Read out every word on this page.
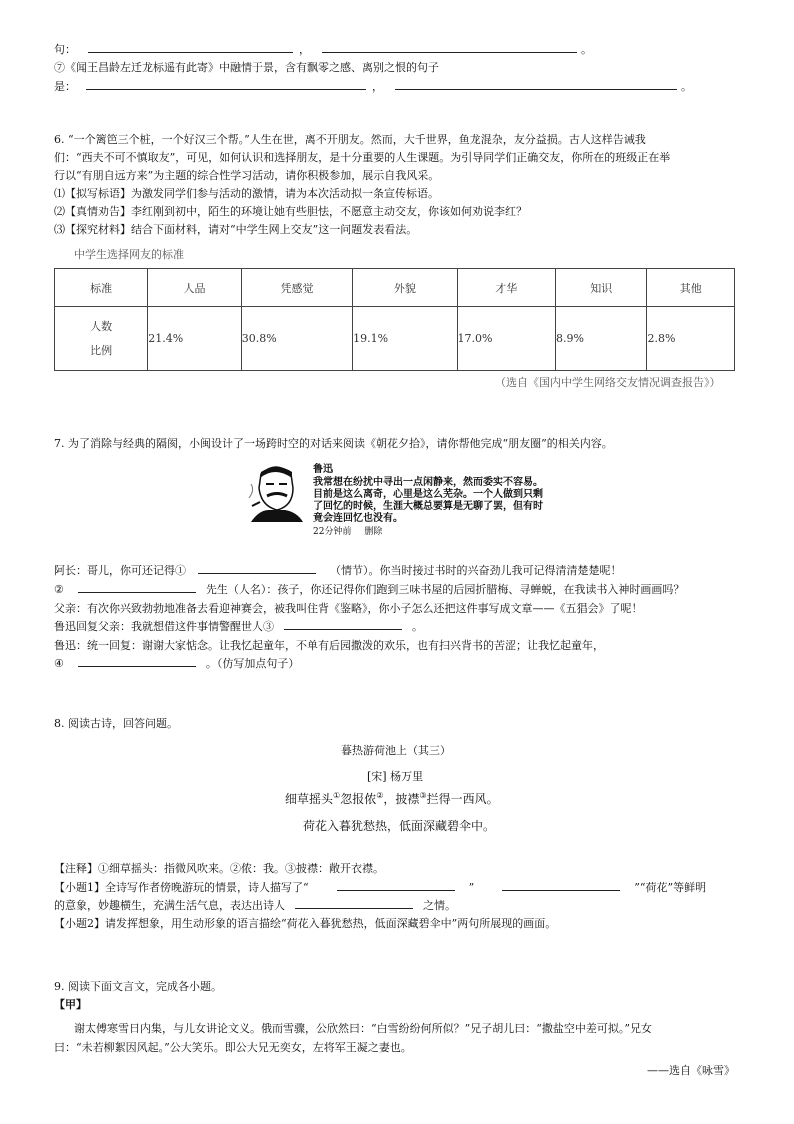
句：	，	。
⑦《闻王昌龄左迁龙标遥有此寄》中融情于景，含有飘零之感、离别之恨的句子
是：	，	。
6. “一个篱笆三个桩，一个好汉三个帮。”人生在世，离不开朋友。然而，大千世界，鱼龙混杂，友分益损。古人这样告诫我
们：“西夫不可不慎取友”，可见，如何认识和选择朋友，是十分重要的人生课题。为引导同学们正确交友，你所在的班级正在举
行以“有朋自远方来”为主题的综合性学习活动，请你积极参加，展示自我风采。
⑴【拟写标语】为激发同学们参与活动的激情，请为本次活动拟一条宣传标语。
⑵【真情劝告】李红刚到初中，陌生的环境让她有些胆怯，不愿意主动交友，你该如何劝说李红？
⑶【探究材料】结合下面材料，请对“中学生网上交友”这一问题发表看法。
中学生选择网友的标准
标准	人品	凭感觉	外貌	才华	知识	其他

人数
比例	21.4%	30.8%	19.1%	17.0%	8.9%	2.8%
（选自《国内中学生网络交友情况调查报告》）
7. 为了消除与经典的隔阂，小闽设计了一场跨时空的对话来阅读《朝花夕拾》，请你帮他完成“朋友圈”的相关内容。
鲁迅
我常想在纷扰中寻出一点闲静来，然而委实不容易。
目前是这么离奇，心里是这么芜杂。一个人做到只剩
了回忆的时候，生涯大概总要算是无聊了罢，但有时
竟会连回忆也没有。
22分钟前 删除
阿长：哥儿，你可还记得①	（情节）。你当时接过书时的兴奋劲儿我可记得清清楚楚呢！
②	先生（人名）：孩子，你还记得你们跑到三味书屋的后园折腊梅、寻蝉蜕，在我读书入神时画画吗？
父亲：有次你兴致勃勃地准备去看迎神赛会，被我叫住背《鉴略》，你小子怎么还把这件事写成文章——《五猖会》了呢！
鲁迅回复父亲：我就想借这件事情警醒世人③	。
鲁迅：统一回复：谢谢大家惦念。让我忆起童年，不单有后园撒泼的欢乐，也有扫兴背书的苦涩；让我忆起童年，
④	。（仿写加点句子）
8. 阅读古诗，回答问题。
暮热游荷池上（其三）
[宋] 杨万里
细草摇头①忽报侬②，披襟③拦得一西风。
荷花入暮犹愁热，低面深藏碧伞中。
【注释】①细草摇头：指微风吹来。②侬：我。③披襟：敞开衣襟。
【小题1】全诗写作者傍晚游玩的情景，诗人描写了“	”	”“荷花”等鲜明
的意象，妙趣横生，充满生活气息，表达出诗人	之情。
【小题2】请发挥想象，用生动形象的语言描绘“荷花入暮犹愁热，低面深藏碧伞中”两句所展现的画面。
9. 阅读下面文言文，完成各小题。
【甲】
谢太傅寒雪日内集，与儿女讲论文义。俄而雪骤，公欣然曰：“白雪纷纷何所似？”兄子胡儿曰：“撒盐空中差可拟。”兄女
曰：“未若柳絮因风起。”公大笑乐。即公大兄无奕女，左将军王凝之妻也。
——选自《咏雪》
